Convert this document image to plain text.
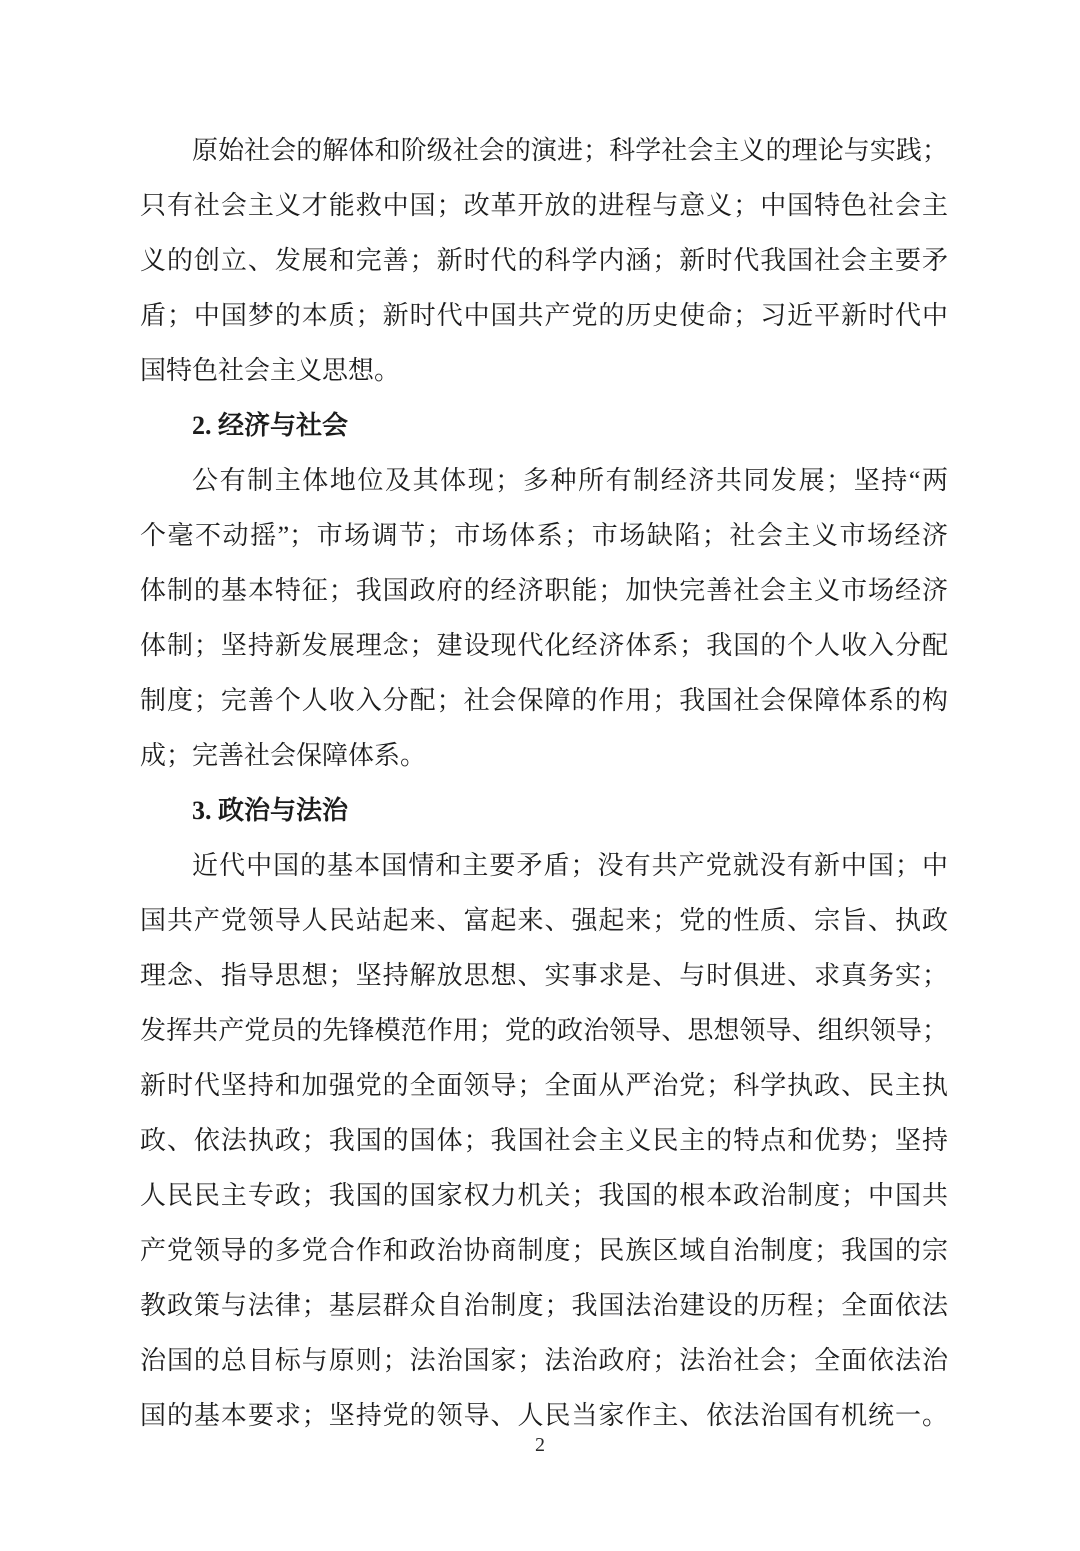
原始社会的解体和阶级社会的演进；科学社会主义的理论与实践；
只有社会主义才能救中国；改革开放的进程与意义；中国特色社会主
义的创立、发展和完善；新时代的科学内涵；新时代我国社会主要矛
盾；中国梦的本质；新时代中国共产党的历史使命；习近平新时代中
国特色社会主义思想。
2. 经济与社会
公有制主体地位及其体现；多种所有制经济共同发展；坚持“两
个毫不动摇”；市场调节；市场体系；市场缺陷；社会主义市场经济
体制的基本特征；我国政府的经济职能；加快完善社会主义市场经济
体制；坚持新发展理念；建设现代化经济体系；我国的个人收入分配
制度；完善个人收入分配；社会保障的作用；我国社会保障体系的构
成；完善社会保障体系。
3. 政治与法治
近代中国的基本国情和主要矛盾；没有共产党就没有新中国；中
国共产党领导人民站起来、富起来、强起来；党的性质、宗旨、执政
理念、指导思想；坚持解放思想、实事求是、与时俱进、求真务实；
发挥共产党员的先锋模范作用；党的政治领导、思想领导、组织领导；
新时代坚持和加强党的全面领导；全面从严治党；科学执政、民主执
政、依法执政；我国的国体；我国社会主义民主的特点和优势；坚持
人民民主专政；我国的国家权力机关；我国的根本政治制度；中国共
产党领导的多党合作和政治协商制度；民族区域自治制度；我国的宗
教政策与法律；基层群众自治制度；我国法治建设的历程；全面依法
治国的总目标与原则；法治国家；法治政府；法治社会；全面依法治
国的基本要求；坚持党的领导、人民当家作主、依法治国有机统一。
2
